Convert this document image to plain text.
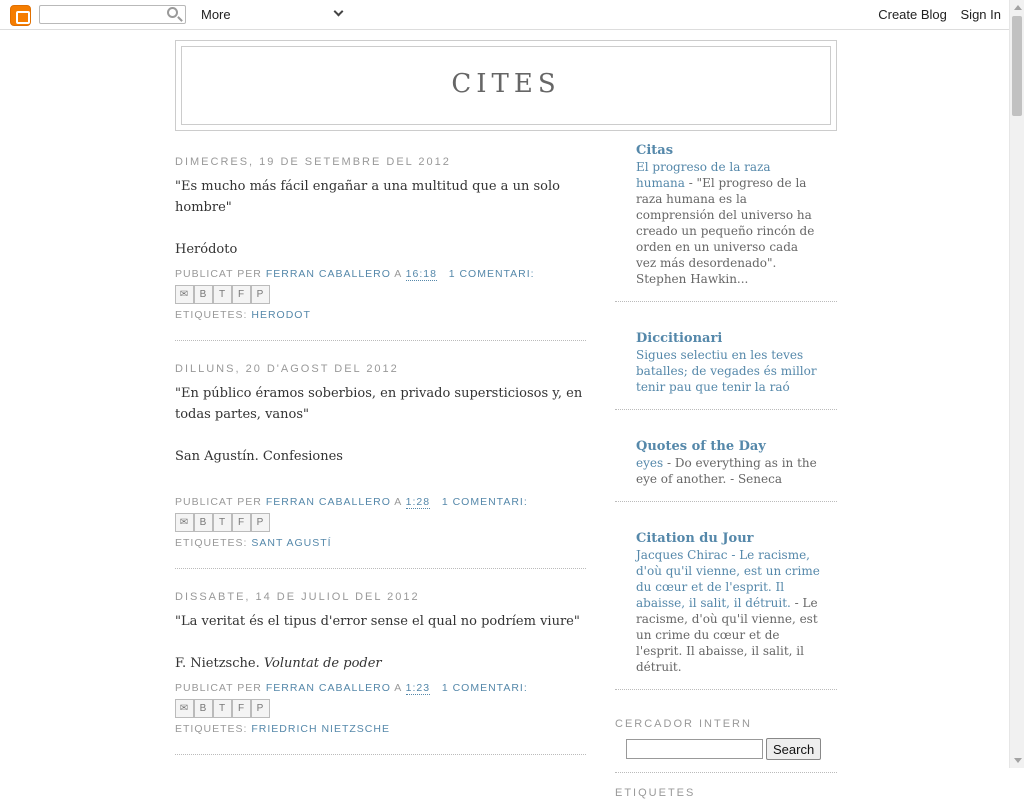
More	Create Blog Sign In
CITES
DIMECRES, 19 DE SETEMBRE DEL 2012

"Es mucho más fácil engañar a una multitud que a un solo hombre"

Heródoto

PUBLICAT PER FERRAN CABALLERO A 16:18 1 COMENTARI:
✉	B	T	F	P
ETIQUETES: HERODOT
DILLUNS, 20 D'AGOST DEL 2012

"En público éramos soberbios, en privado supersticiosos y, en todas partes, vanos"

San Agustín. Confesiones

PUBLICAT PER FERRAN CABALLERO A 1:28 1 COMENTARI:
✉	B	T	F	P
ETIQUETES: SANT AGUSTÍ
DISSABTE, 14 DE JULIOL DEL 2012

"La veritat és el tipus d'error sense el qual no podríem viure"

F. Nietzsche. Voluntat de poder

PUBLICAT PER FERRAN CABALLERO A 1:23 1 COMENTARI:
✉	B	T	F	P
ETIQUETES: FRIEDRICH NIETZSCHE
Citas
El progreso de la raza humana - "El progreso de la raza humana es la comprensión del universo ha creado un pequeño rincón de orden en un universo cada vez más desordenado". Stephen Hawkin...
Diccitionari
Sigues selectiu en les teves batalles; de vegades és millor tenir pau que tenir la raó
Quotes of the Day
eyes - Do everything as in the eye of another. - Seneca
Citation du Jour
Jacques Chirac - Le racisme, d'où qu'il vienne, est un crime du cœur et de l'esprit. Il abaisse, il salit, il détruit. - Le racisme, d'où qu'il vienne, est un crime du cœur et de l'esprit. Il abaisse, il salit, il détruit.
CERCADOR INTERN
Search
ETIQUETES
